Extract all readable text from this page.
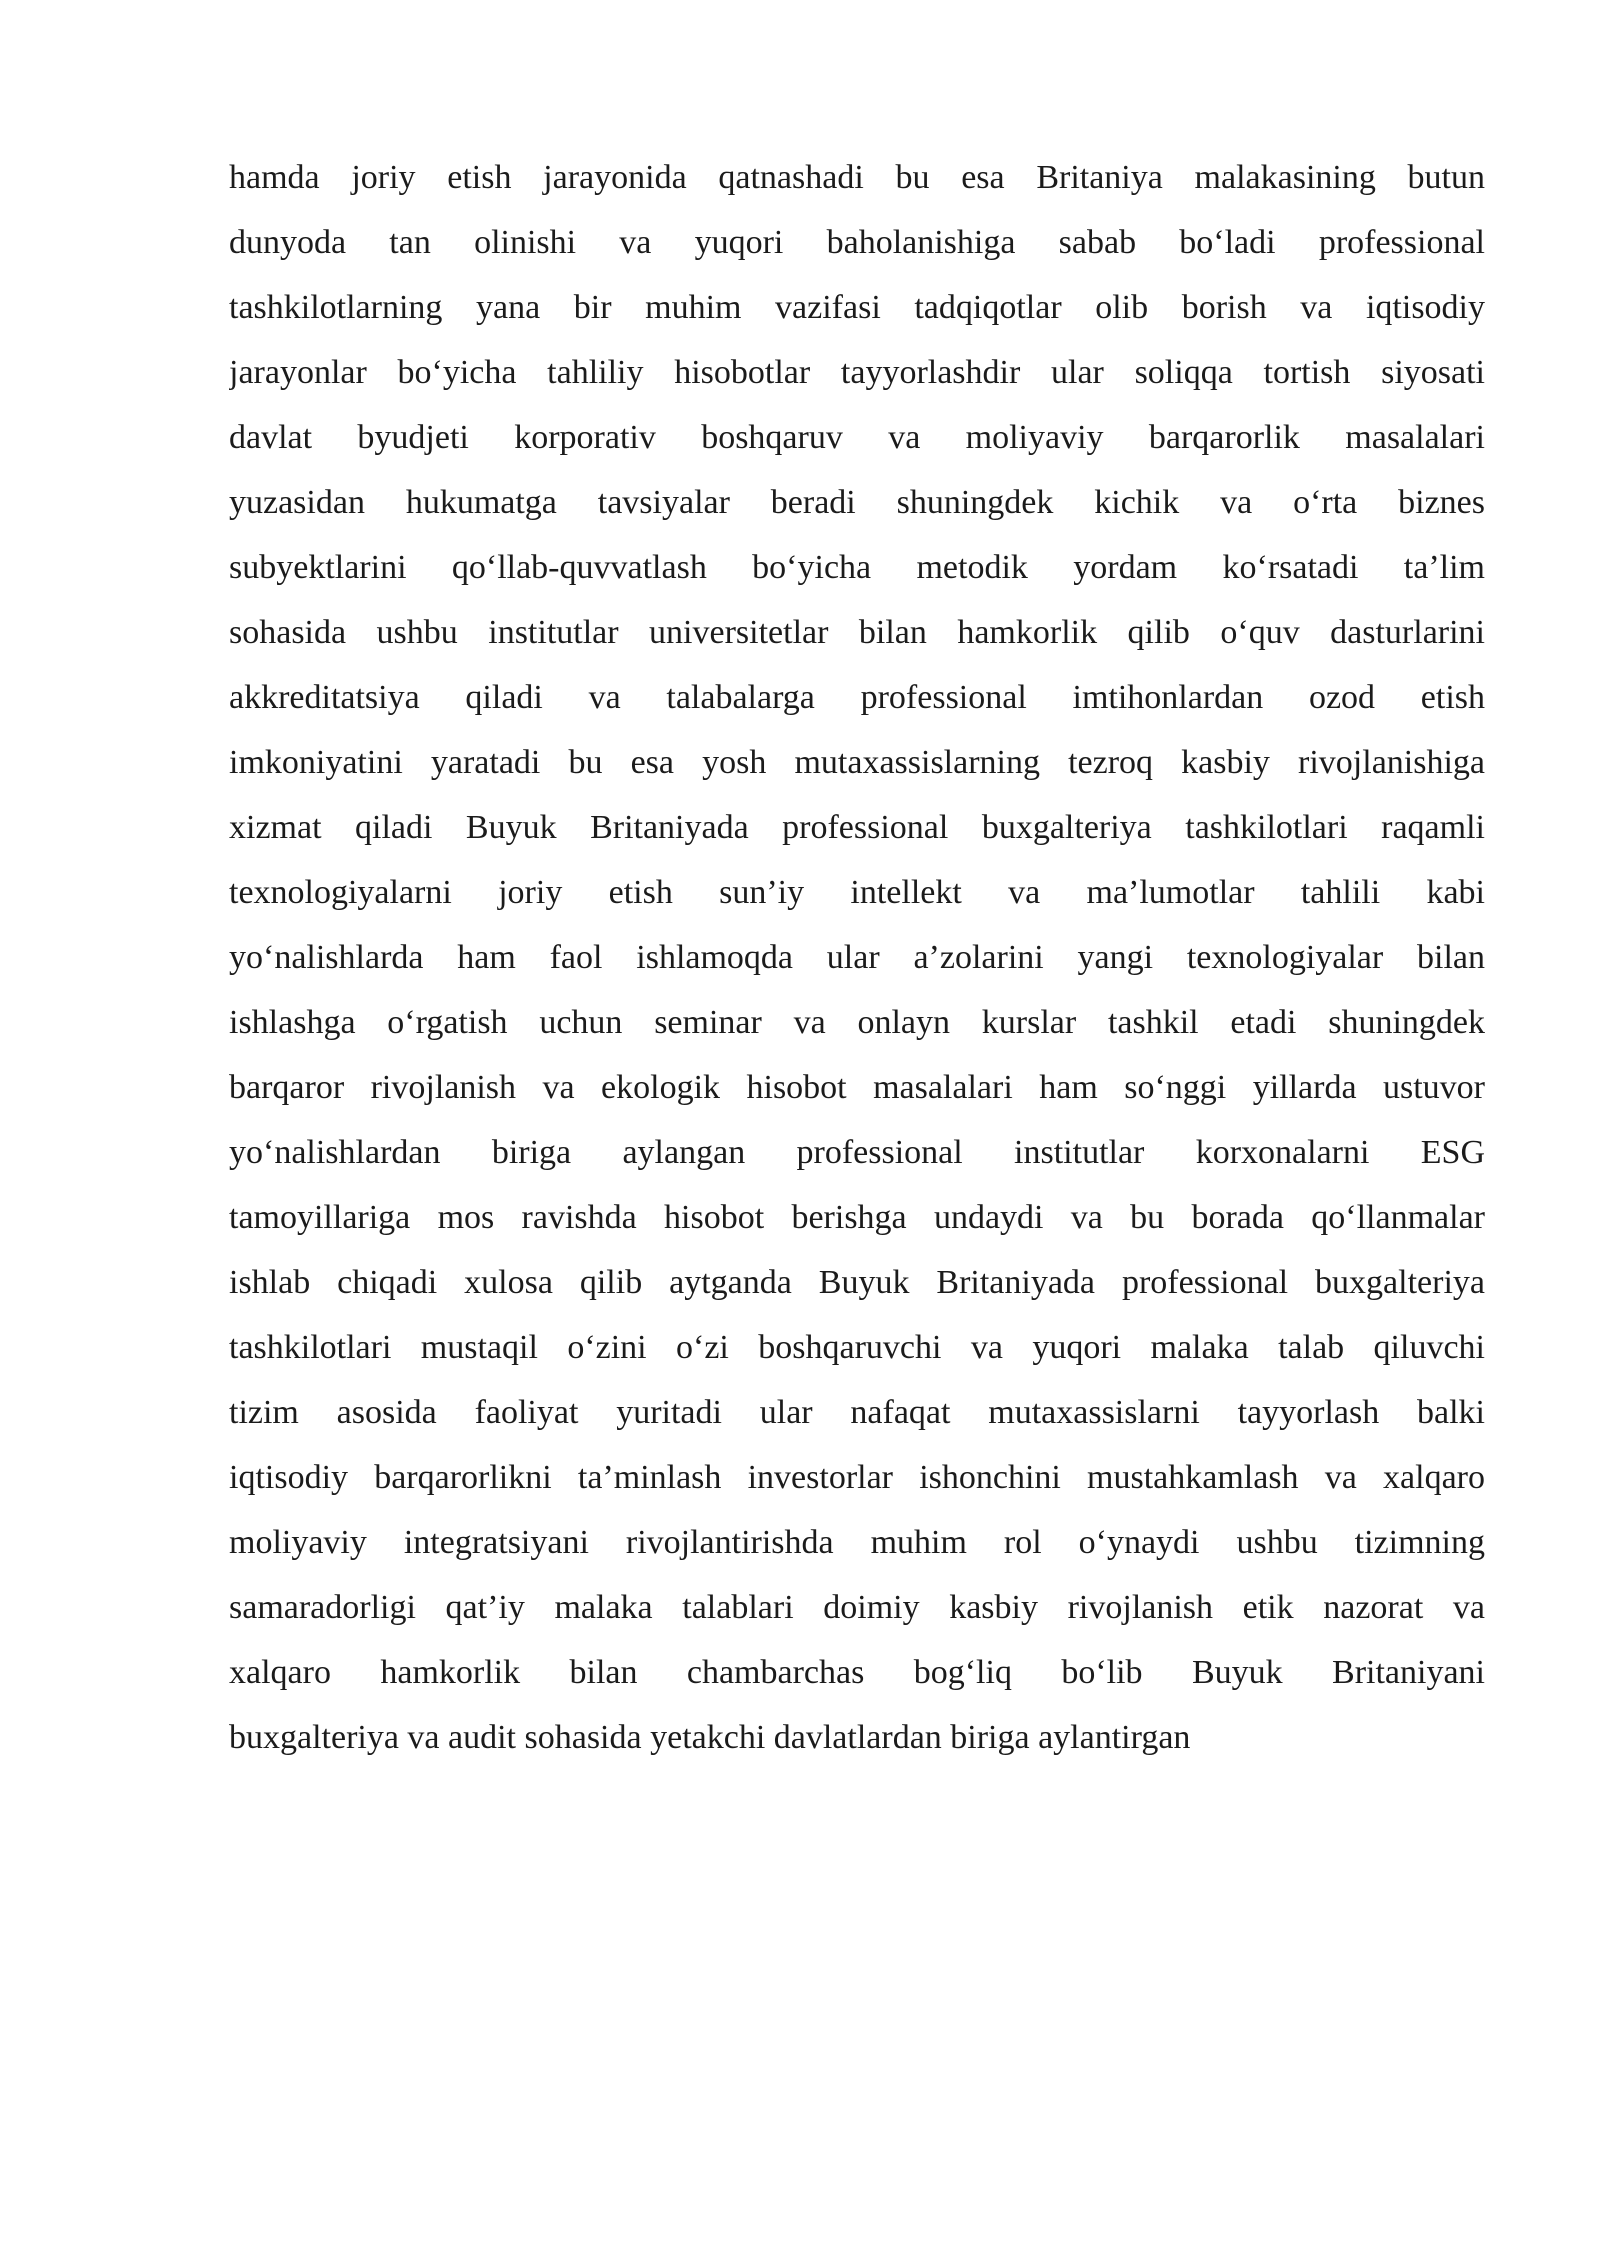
hamda joriy etish jarayonida qatnashadi bu esa Britaniya malakasining butun
dunyoda tan olinishi va yuqori baholanishiga sabab bo‘ladi professional
tashkilotlarning yana bir muhim vazifasi tadqiqotlar olib borish va iqtisodiy
jarayonlar bo‘yicha tahliliy hisobotlar tayyorlashdir ular soliqqa tortish siyosati
davlat byudjeti korporativ boshqaruv va moliyaviy barqarorlik masalalari
yuzasidan hukumatga tavsiyalar beradi shuningdek kichik va o‘rta biznes
subyektlarini qo‘llab-quvvatlash bo‘yicha metodik yordam ko‘rsatadi ta’lim
sohasida ushbu institutlar universitetlar bilan hamkorlik qilib o‘quv dasturlarini
akkreditatsiya qiladi va talabalarga professional imtihonlardan ozod etish
imkoniyatini yaratadi bu esa yosh mutaxassislarning tezroq kasbiy rivojlanishiga
xizmat qiladi Buyuk Britaniyada professional buxgalteriya tashkilotlari raqamli
texnologiyalarni joriy etish sun’iy intellekt va ma’lumotlar tahlili kabi
yo‘nalishlarda ham faol ishlamoqda ular a’zolarini yangi texnologiyalar bilan
ishlashga o‘rgatish uchun seminar va onlayn kurslar tashkil etadi shuningdek
barqaror rivojlanish va ekologik hisobot masalalari ham so‘nggi yillarda ustuvor
yo‘nalishlardan biriga aylangan professional institutlar korxonalarni ESG
tamoyillariga mos ravishda hisobot berishga undaydi va bu borada qo‘llanmalar
ishlab chiqadi xulosa qilib aytganda Buyuk Britaniyada professional buxgalteriya
tashkilotlari mustaqil o‘zini o‘zi boshqaruvchi va yuqori malaka talab qiluvchi
tizim asosida faoliyat yuritadi ular nafaqat mutaxassislarni tayyorlash balki
iqtisodiy barqarorlikni ta’minlash investorlar ishonchini mustahkamlash va xalqaro
moliyaviy integratsiyani rivojlantirishda muhim rol o‘ynaydi ushbu tizimning
samaradorligi qat’iy malaka talablari doimiy kasbiy rivojlanish etik nazorat va
xalqaro hamkorlik bilan chambarchas bog‘liq bo‘lib Buyuk Britaniyani
buxgalteriya va audit sohasida yetakchi davlatlardan biriga aylantirgan
